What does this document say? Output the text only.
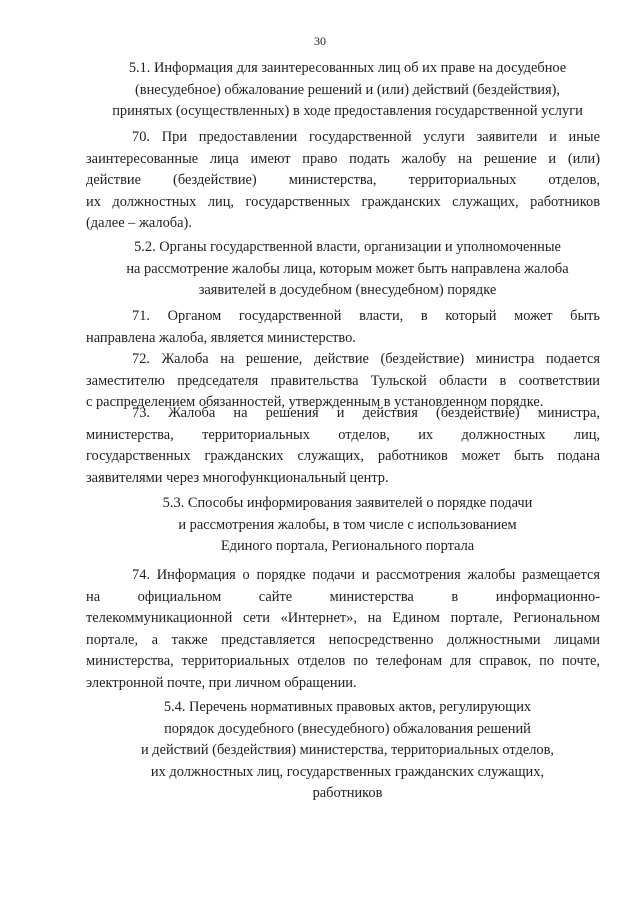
30
5.1. Информация для заинтересованных лиц об их праве на досудебное
(внесудебное) обжалование решений и (или) действий (бездействия),
принятых (осуществленных) в ходе предоставления государственной услуги
70. При предоставлении государственной услуги заявители и иные
заинтересованные лица имеют право подать жалобу на решение и (или)
действие (бездействие) министерства, территориальных отделов,
их должностных лиц, государственных гражданских служащих, работников
(далее – жалоба).
5.2. Органы государственной власти, организации и уполномоченные
на рассмотрение жалобы лица, которым может быть направлена жалоба
заявителей в досудебном (внесудебном) порядке
71. Органом государственной власти, в который может быть
направлена жалоба, является министерство.
72. Жалоба на решение, действие (бездействие) министра подается
заместителю председателя правительства Тульской области в соответствии
с распределением обязанностей, утвержденным в установленном порядке.
73. Жалоба на решения и действия (бездействие) министра,
министерства, территориальных отделов, их должностных лиц,
государственных гражданских служащих, работников может быть подана
заявителями через многофункциональный центр.
5.3. Способы информирования заявителей о порядке подачи
и рассмотрения жалобы, в том числе с использованием
Единого портала, Регионального портала
74. Информация о порядке подачи и рассмотрения жалобы размещается
на официальном сайте министерства в информационно-
телекоммуникационной сети «Интернет», на Едином портале, Региональном
портале, а также представляется непосредственно должностными лицами
министерства, территориальных отделов по телефонам для справок, по почте,
электронной почте, при личном обращении.
5.4. Перечень нормативных правовых актов, регулирующих
порядок досудебного (внесудебного) обжалования решений
и действий (бездействия) министерства, территориальных отделов,
их должностных лиц, государственных гражданских служащих,
работников
